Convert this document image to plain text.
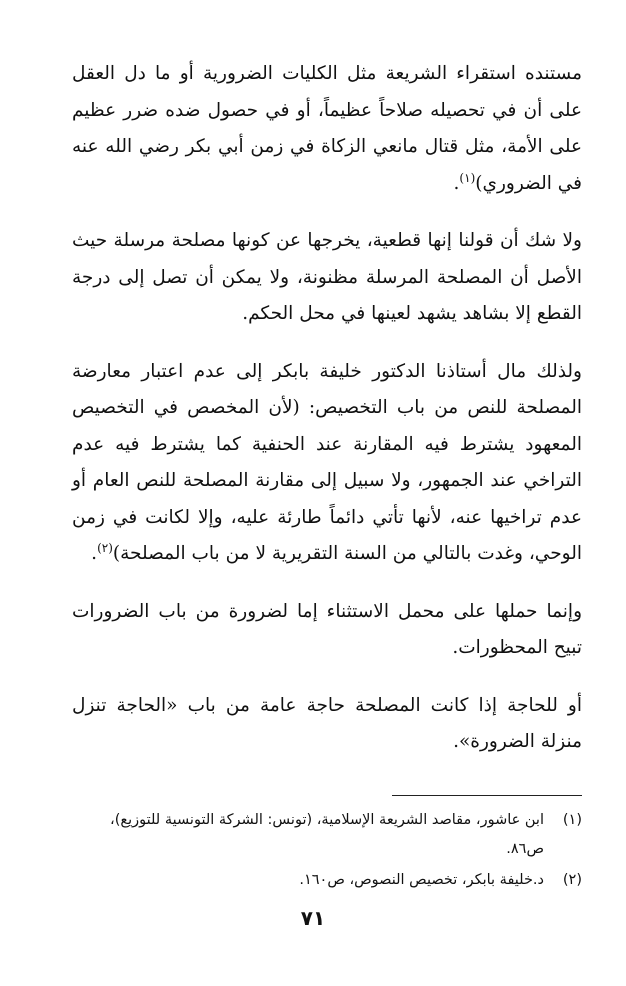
مستنده استقراء الشريعة مثل الكليات الضرورية أو ما دل العقل على أن في تحصيله صلاحاً عظيماً، أو في حصول ضده ضرر عظيم على الأمة، مثل قتال مانعي الزكاة في زمن أبي بكر رضي الله عنه في الضروري)$^{(١)}$.

ولا شك أن قولنا إنها قطعية، يخرجها عن كونها مصلحة مرسلة حيث الأصل أن المصلحة المرسلة مظنونة، ولا يمكن أن تصل إلى درجة القطع إلا بشاهد يشهد لعينها في محل الحكم.

ولذلك مال أستاذنا الدكتور خليفة بابكر إلى عدم اعتبار معارضة المصلحة للنص من باب التخصيص: (لأن المخصص في التخصيص المعهود يشترط فيه المقارنة عند الحنفية كما يشترط فيه عدم التراخي عند الجمهور، ولا سبيل إلى مقارنة المصلحة للنص العام أو عدم تراخيها عنه، لأنها تأتي دائماً طارئة عليه، وإلا لكانت في زمن الوحي، وغدت بالتالي من السنة التقريرية لا من باب المصلحة)$^{(٢)}$.

وإنما حملها على محمل الاستثناء إما لضرورة من باب الضرورات تبيح المحظورات.

أو للحاجة إذا كانت المصلحة حاجة عامة من باب «الحاجة تنزل منزلة الضرورة».

(١)
ابن عاشور، مقاصد الشريعة الإسلامية، (تونس: الشركة التونسية للتوزيع)، ص٨٦.

(٢)
د.خليفة بابكر، تخصيص النصوص، ص١٦٠.

٧١
